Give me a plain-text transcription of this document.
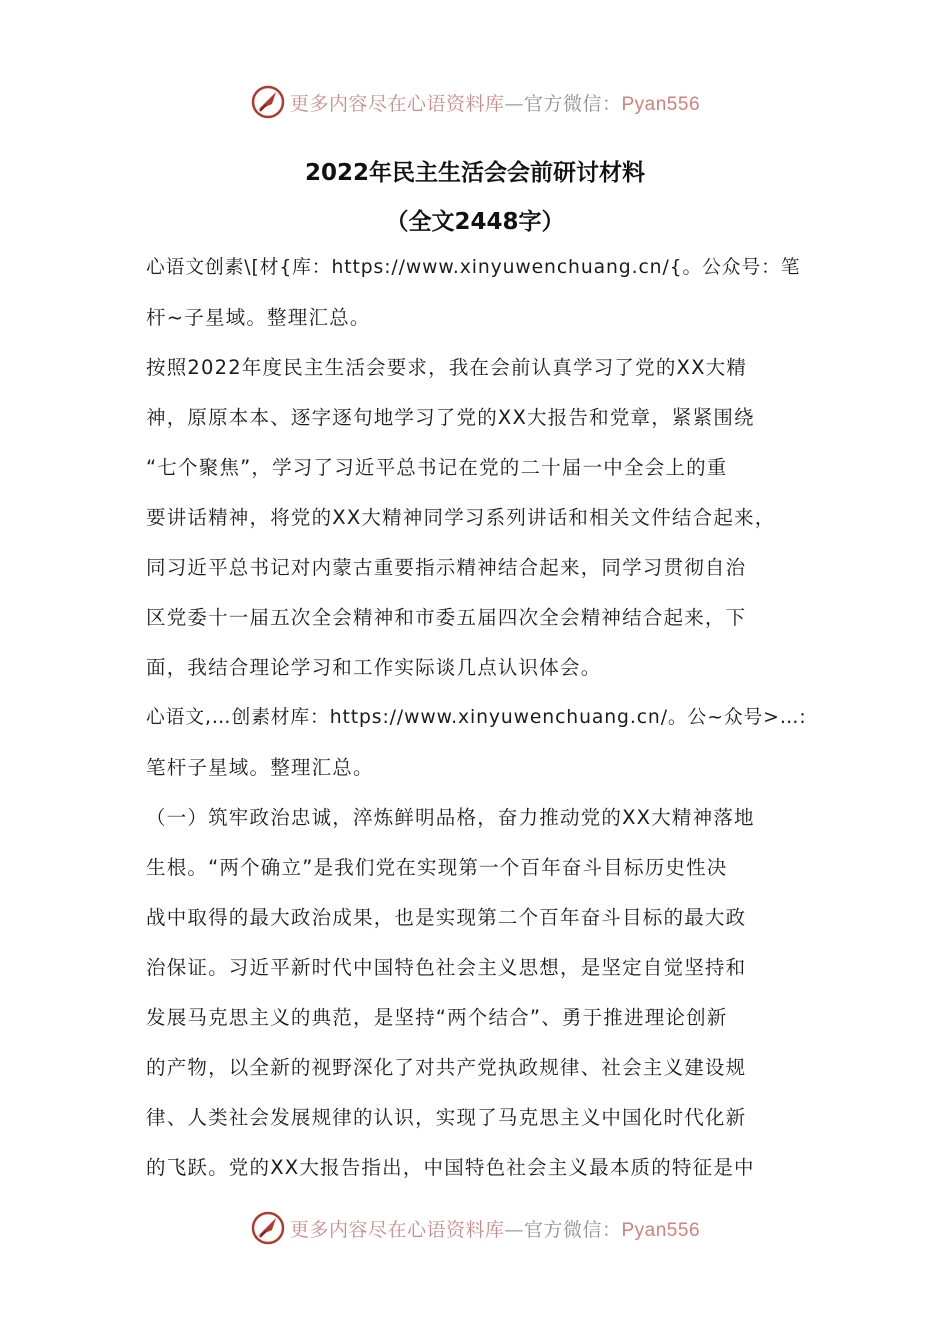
更多内容尽在心语资料库—官方微信：Pyan556
2022年民主生活会会前研讨材料
（全文2448字）
心语文创素\[材{库：https://www.xinyuwenchuang.cn/{。公众号：笔
杆~子星域。整理汇总。
按照2022年度民主生活会要求，我在会前认真学习了党的XX大精
神，原原本本、逐字逐句地学习了党的XX大报告和党章，紧紧围绕
“七个聚焦”，学习了习近平总书记在党的二十届一中全会上的重
要讲话精神，将党的XX大精神同学习系列讲话和相关文件结合起来，
同习近平总书记对内蒙古重要指示精神结合起来，同学习贯彻自治
区党委十一届五次全会精神和市委五届四次全会精神结合起来，下
面，我结合理论学习和工作实际谈几点认识体会。
心语文,…创素材库：https://www.xinyuwenchuang.cn/。公~众号>…:
笔杆子星域。整理汇总。
（一）筑牢政治忠诚，淬炼鲜明品格，奋力推动党的XX大精神落地
生根。“两个确立”是我们党在实现第一个百年奋斗目标历史性决
战中取得的最大政治成果，也是实现第二个百年奋斗目标的最大政
治保证。习近平新时代中国特色社会主义思想，是坚定自觉坚持和
发展马克思主义的典范，是坚持“两个结合”、勇于推进理论创新
的产物，以全新的视野深化了对共产党执政规律、社会主义建设规
律、人类社会发展规律的认识，实现了马克思主义中国化时代化新
的飞跃。党的XX大报告指出，中国特色社会主义最本质的特征是中
更多内容尽在心语资料库—官方微信：Pyan556
